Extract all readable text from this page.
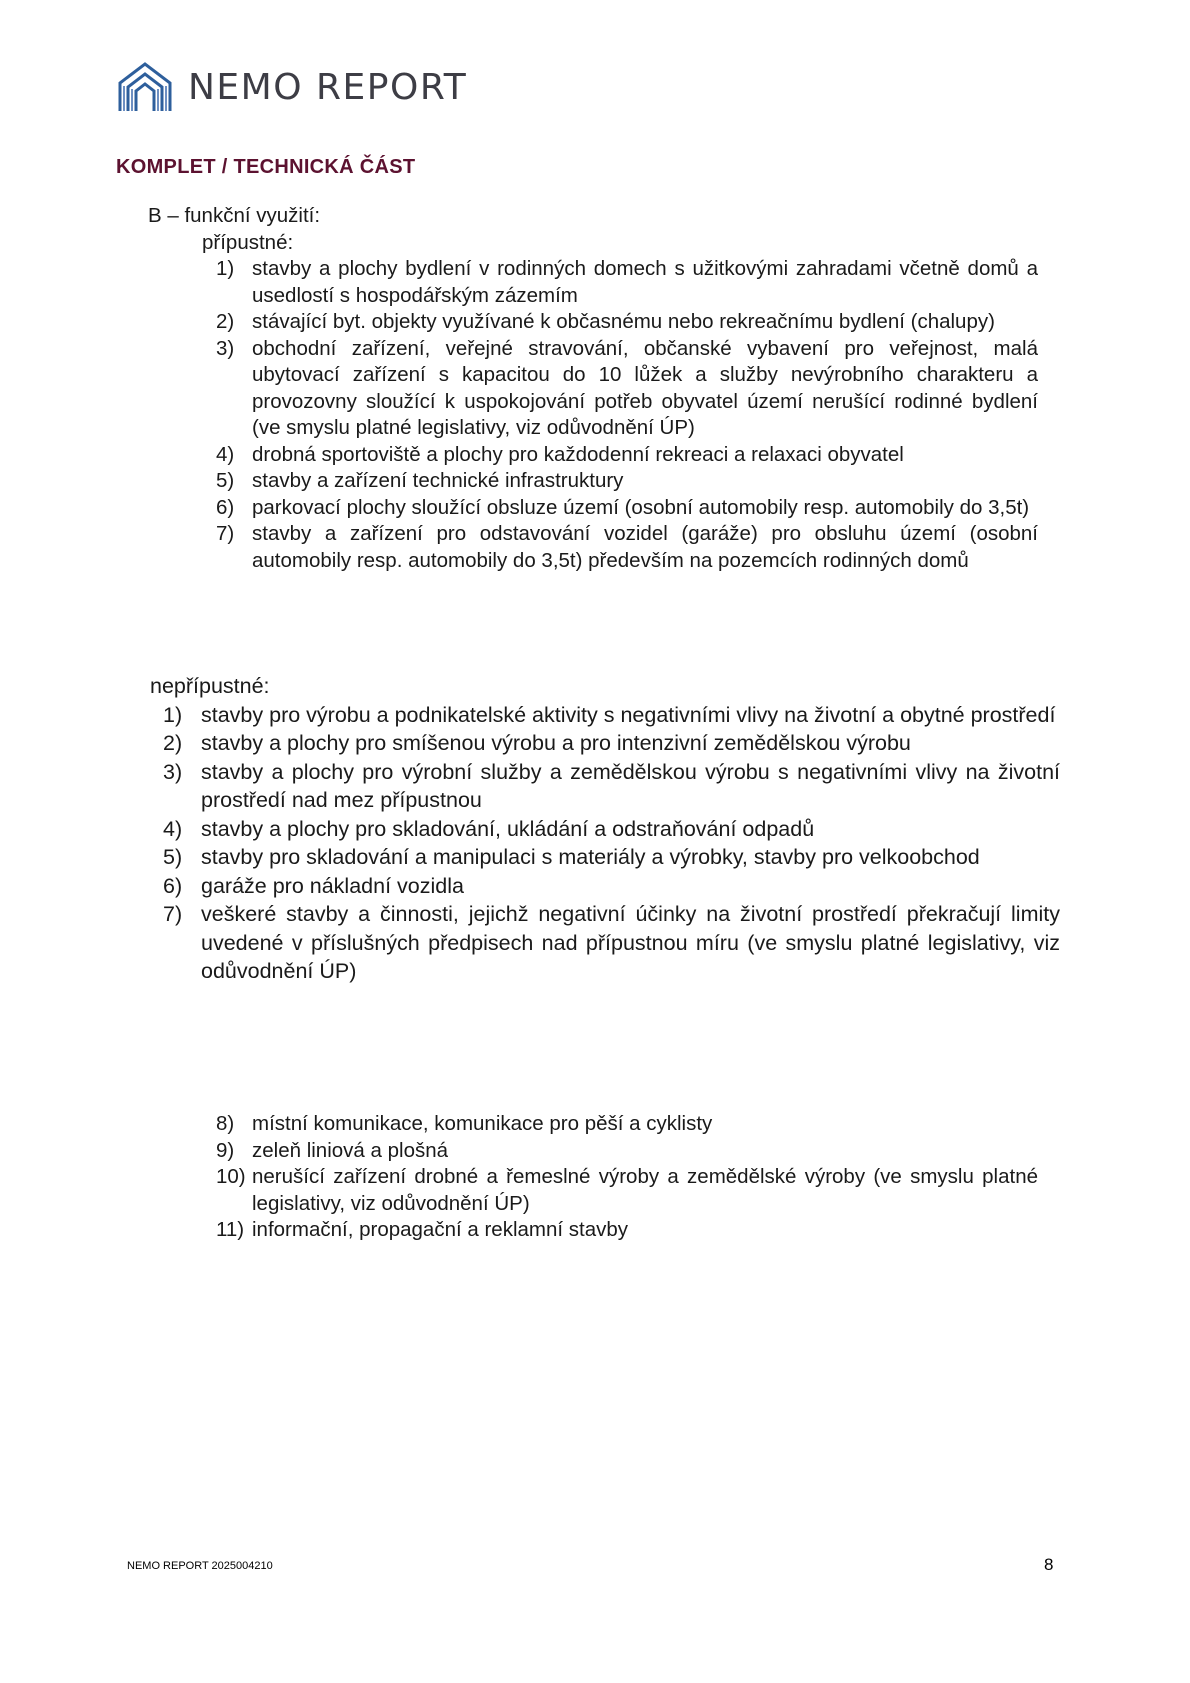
NEMO REPORT
KOMPLET / TECHNICKÁ ČÁST
B – funkční využití:
přípustné:
1) stavby a plochy bydlení v rodinných domech s užitkovými zahradami včetně domů a usedlostí s hospodářským zázemím
2) stávající byt. objekty využívané k občasnému nebo rekreačnímu bydlení (chalupy)
3) obchodní zařízení, veřejné stravování, občanské vybavení pro veřejnost, malá ubytovací zařízení s kapacitou do 10 lůžek a služby nevýrobního charakteru a provozovny sloužící k uspokojování potřeb obyvatel území nerušící rodinné bydlení (ve smyslu platné legislativy, viz odůvodnění ÚP)
4) drobná sportoviště a plochy pro každodenní rekreaci a relaxaci obyvatel
5) stavby a zařízení technické infrastruktury
6) parkovací plochy sloužící obsluze území (osobní automobily resp. automobily do 3,5t)
7) stavby a zařízení pro odstavování vozidel (garáže) pro obsluhu území (osobní automobily resp. automobily do 3,5t) především na pozemcích rodinných domů
nepřípustné:
1) stavby pro výrobu a podnikatelské aktivity s negativními vlivy na životní a obytné prostředí
2) stavby a plochy pro smíšenou výrobu a pro intenzivní zemědělskou výrobu
3) stavby a plochy pro výrobní služby a zemědělskou výrobu s negativními vlivy na životní prostředí nad mez přípustnou
4) stavby a plochy pro skladování, ukládání a odstraňování odpadů
5) stavby pro skladování a manipulaci s materiály a výrobky, stavby pro velkoobchod
6) garáže pro nákladní vozidla
7) veškeré stavby a činnosti, jejichž negativní účinky na životní prostředí překračují limity uvedené v příslušných předpisech nad přípustnou míru (ve smyslu platné legislativy, viz odůvodnění ÚP)
8) místní komunikace, komunikace pro pěší a cyklisty
9) zeleň liniová a plošná
10) nerušící zařízení drobné a řemeslné výroby a zemědělské výroby (ve smyslu platné legislativy, viz odůvodnění ÚP)
11) informační, propagační a reklamní stavby
NEMO REPORT 2025004210	8
